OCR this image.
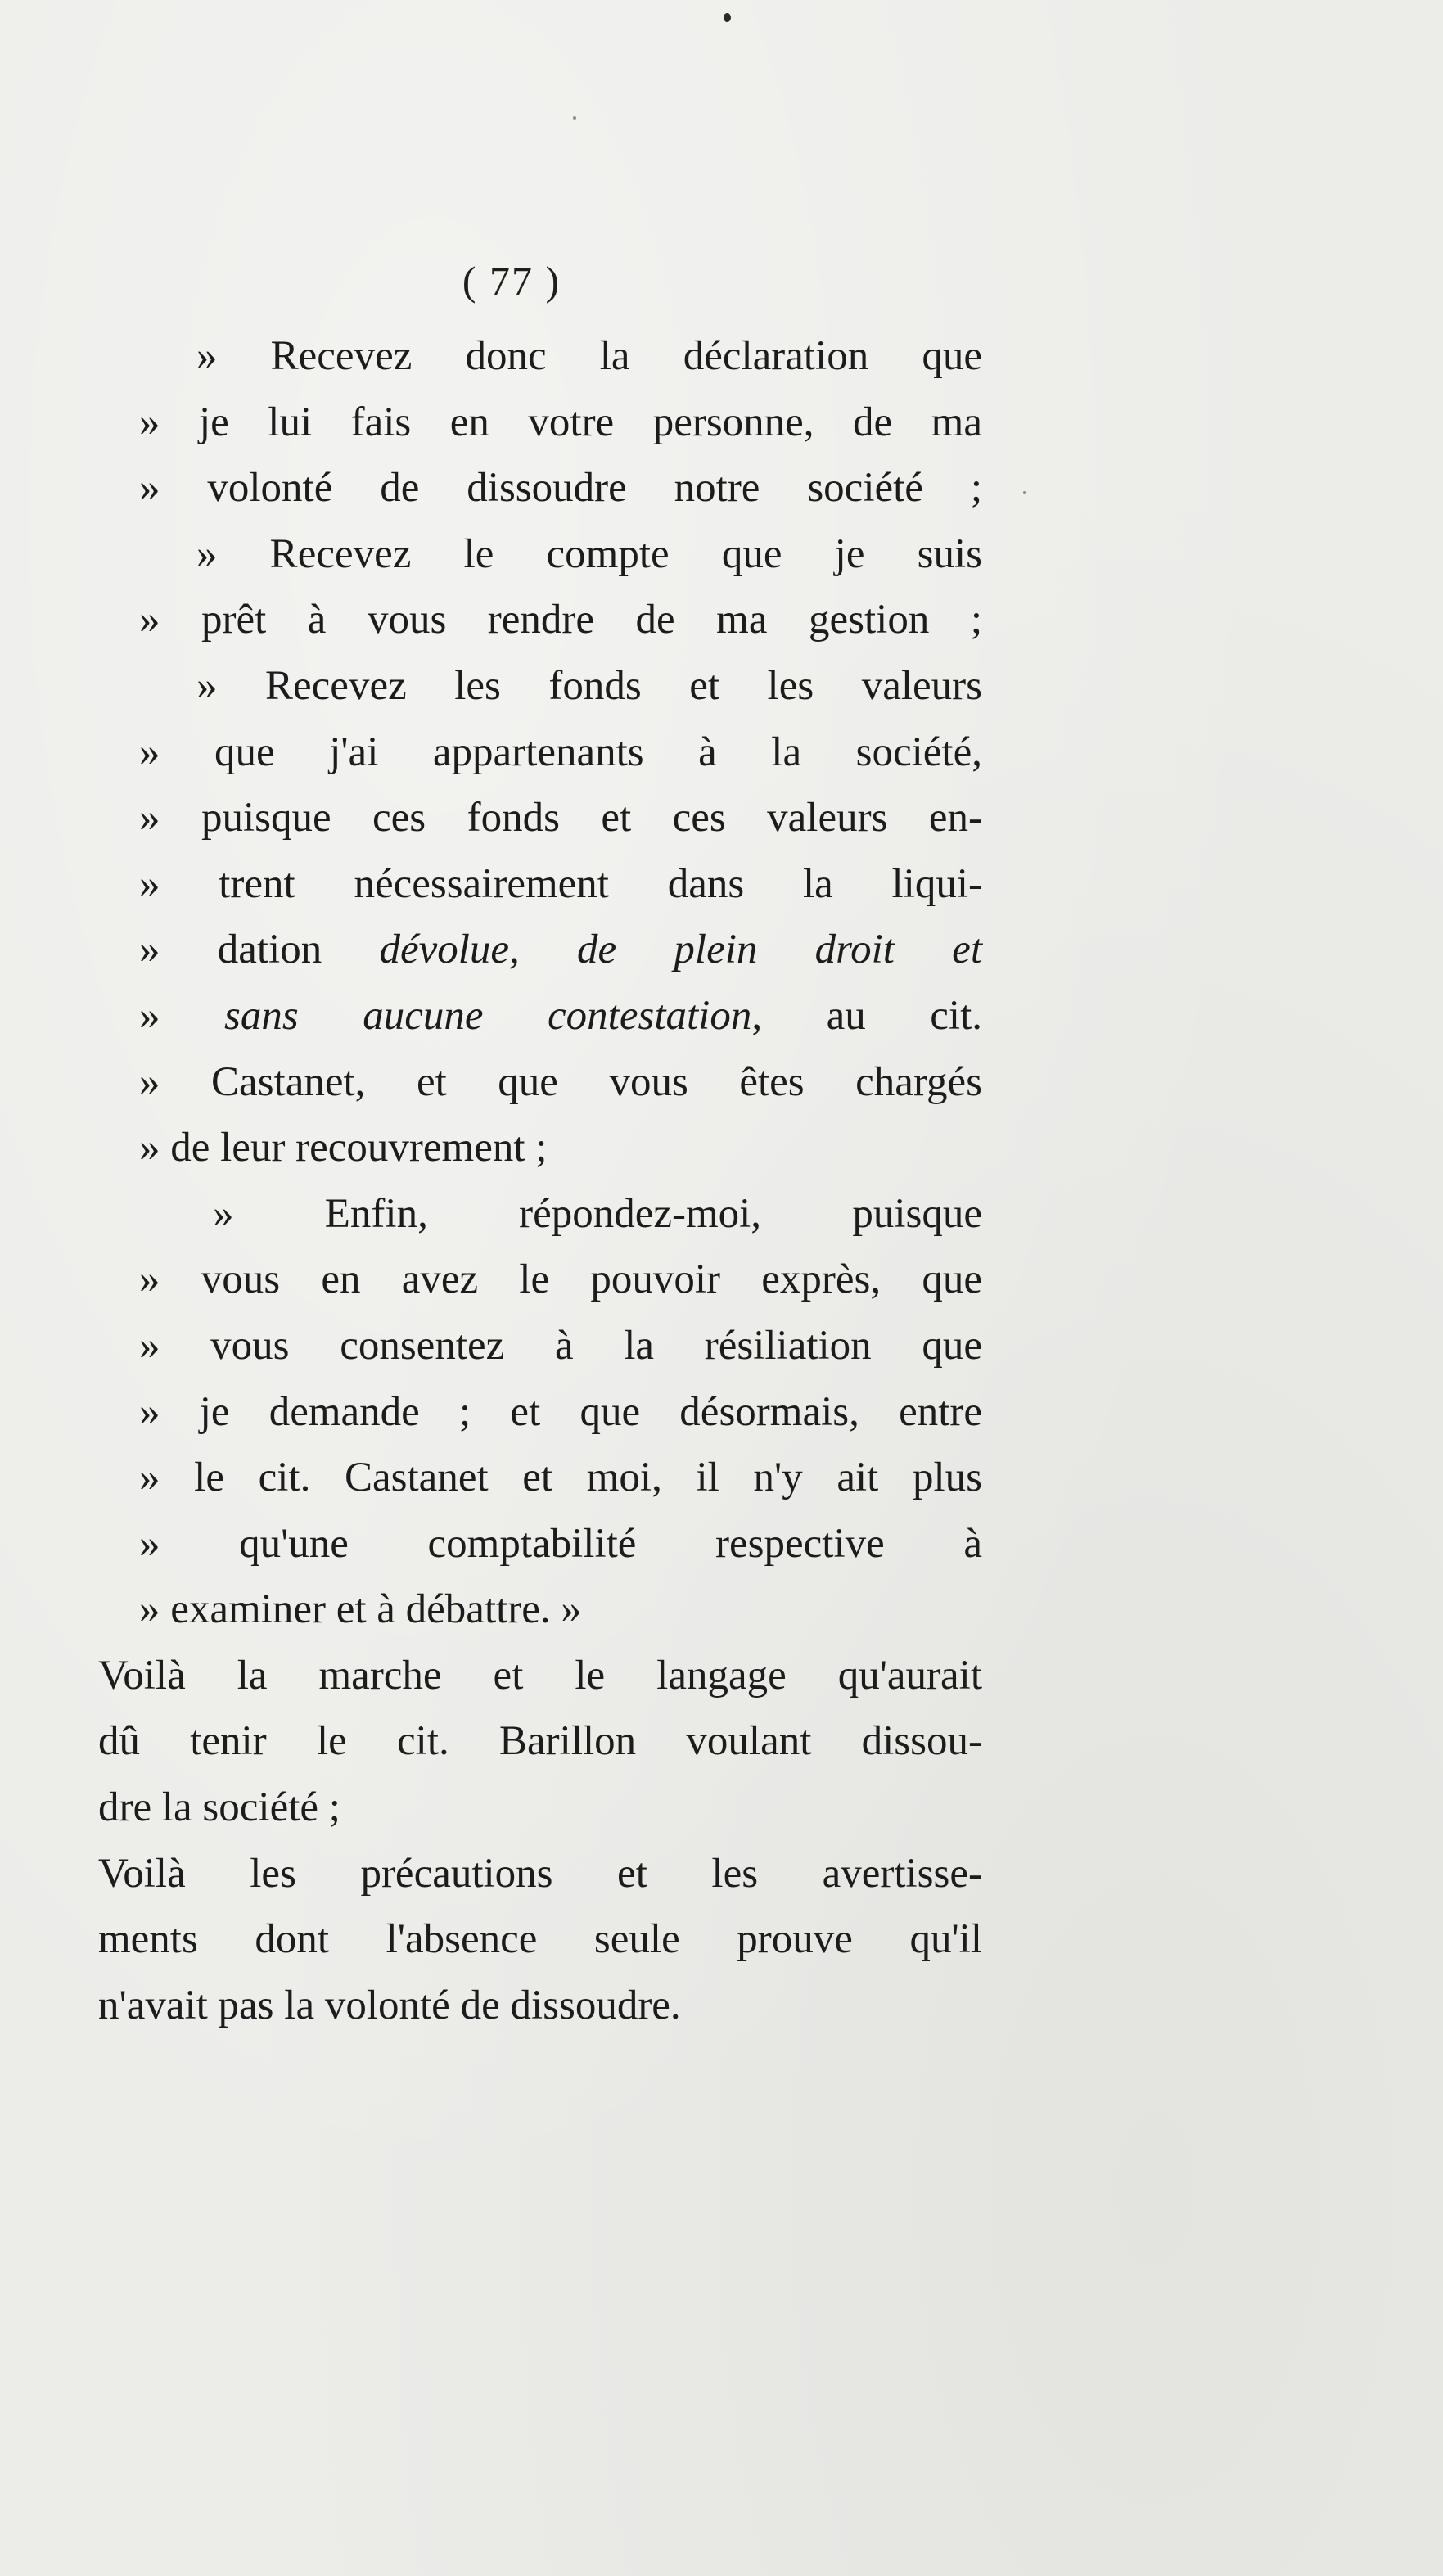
( 77 )
» Recevez donc la déclaration que
» je lui fais en votre personne, de ma
» volonté de dissoudre notre société ;
» Recevez le compte que je suis
» prêt à vous rendre de ma gestion ;
» Recevez les fonds et les valeurs
» que j'ai appartenants à la société,
» puisque ces fonds et ces valeurs en-
» trent nécessairement dans la liqui-
» dation dévolue, de plein droit et
» sans aucune contestation, au cit.
» Castanet, et que vous êtes chargés
» de leur recouvrement ;
» Enfin, répondez-moi, puisque
» vous en avez le pouvoir exprès, que
» vous consentez à la résiliation que
» je demande ; et que désormais, entre
» le cit. Castanet et moi, il n'y ait plus
» qu'une comptabilité respective à
» examiner et à débattre. »
Voilà la marche et le langage qu'aurait
dû tenir le cit. Barillon voulant dissou-
dre la société ;
Voilà les précautions et les avertisse-
ments dont l'absence seule prouve qu'il
n'avait pas la volonté de dissoudre.
